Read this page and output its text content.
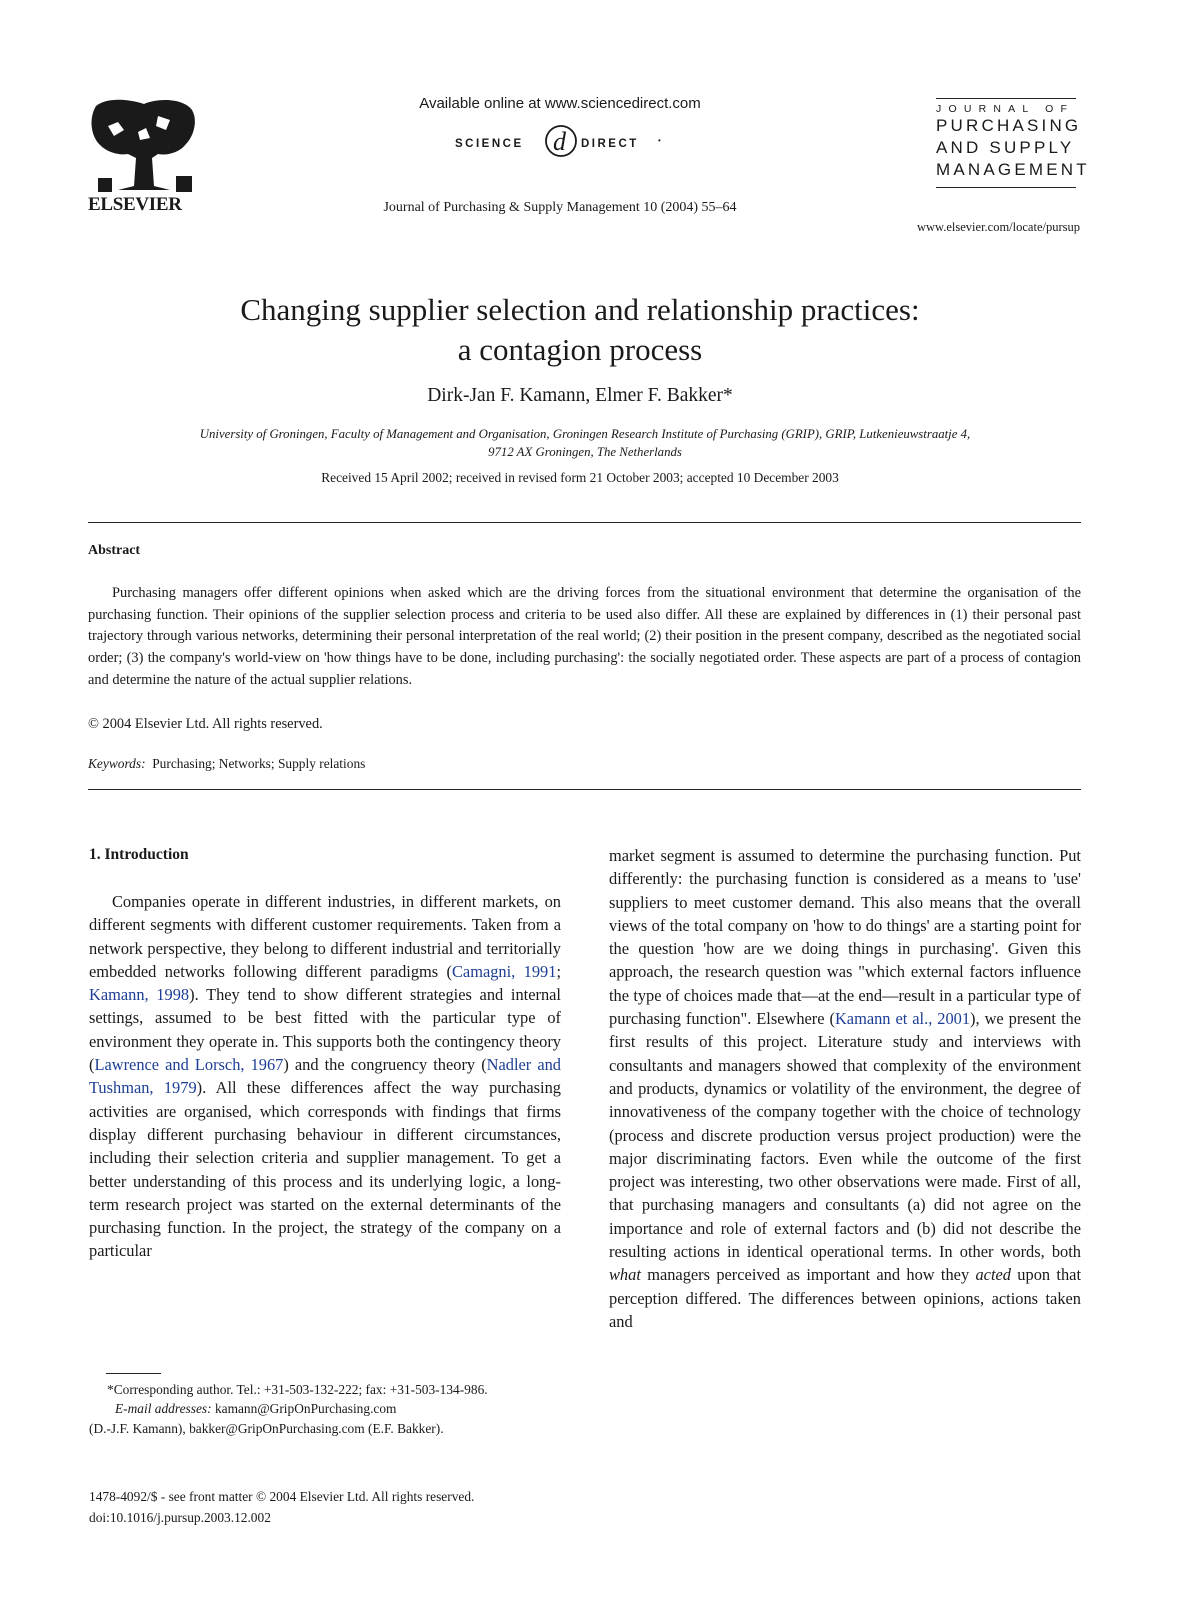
ELSEVIER
Available online at www.sciencedirect.com
SCIENCE d DIRECT •
Journal of Purchasing & Supply Management 10 (2004) 55–64
JOURNAL OF
PURCHASING
AND SUPPLY
MANAGEMENT
www.elsevier.com/locate/pursup
Changing supplier selection and relationship practices:
a contagion process
Dirk-Jan F. Kamann, Elmer F. Bakker*
University of Groningen, Faculty of Management and Organisation, Groningen Research Institute of Purchasing (GRIP), GRIP, Lutkenieuwstraatje 4,
9712 AX Groningen, The Netherlands
Received 15 April 2002; received in revised form 21 October 2003; accepted 10 December 2003
Abstract
Purchasing managers offer different opinions when asked which are the driving forces from the situational environment that determine the organisation of the purchasing function. Their opinions of the supplier selection process and criteria to be used also differ. All these are explained by differences in (1) their personal past trajectory through various networks, determining their personal interpretation of the real world; (2) their position in the present company, described as the negotiated social order; (3) the company's world-view on 'how things have to be done, including purchasing': the socially negotiated order. These aspects are part of a process of contagion and determine the nature of the actual supplier relations.
© 2004 Elsevier Ltd. All rights reserved.
Keywords: Purchasing; Networks; Supply relations
1. Introduction

Companies operate in different industries, in different markets, on different segments with different customer requirements. Taken from a network perspective, they belong to different industrial and territorially embedded networks following different paradigms (Camagni, 1991; Kamann, 1998). They tend to show different strategies and internal settings, assumed to be best fitted with the particular type of environment they operate in. This supports both the contingency theory (Lawrence and Lorsch, 1967) and the congruency theory (Nadler and Tushman, 1979). All these differences affect the way purchasing activities are organised, which corresponds with findings that firms display different purchasing behaviour in different circumstances, including their selection criteria and supplier management. To get a better understanding of this process and its underlying logic, a long-term research project was started on the external determinants of the purchasing function. In the project, the strategy of the company on a particular

market segment is assumed to determine the purchasing function. Put differently: the purchasing function is considered as a means to 'use' suppliers to meet customer demand. This also means that the overall views of the total company on 'how to do things' are a starting point for the question 'how are we doing things in purchasing'. Given this approach, the research question was "which external factors influence the type of choices made that—at the end—result in a particular type of purchasing function". Elsewhere (Kamann et al., 2001), we present the first results of this project. Literature study and interviews with consultants and managers showed that complexity of the environment and products, dynamics or volatility of the environment, the degree of innovativeness of the company together with the choice of technology (process and discrete production versus project production) were the major discriminating factors. Even while the outcome of the first project was interesting, two other observations were made. First of all, that purchasing managers and consultants (a) did not agree on the importance and role of external factors and (b) did not describe the resulting actions in identical operational terms. In other words, both what managers perceived as important and how they acted upon that perception differed. The differences between opinions, actions taken and

*Corresponding author. Tel.: +31-503-132-222; fax: +31-503-134-986.

E-mail addresses: kamann@GripOnPurchasing.com

(D.-J.F. Kamann), bakker@GripOnPurchasing.com (E.F. Bakker).

1478-4092/$ - see front matter © 2004 Elsevier Ltd. All rights reserved.
doi:10.1016/j.pursup.2003.12.002
